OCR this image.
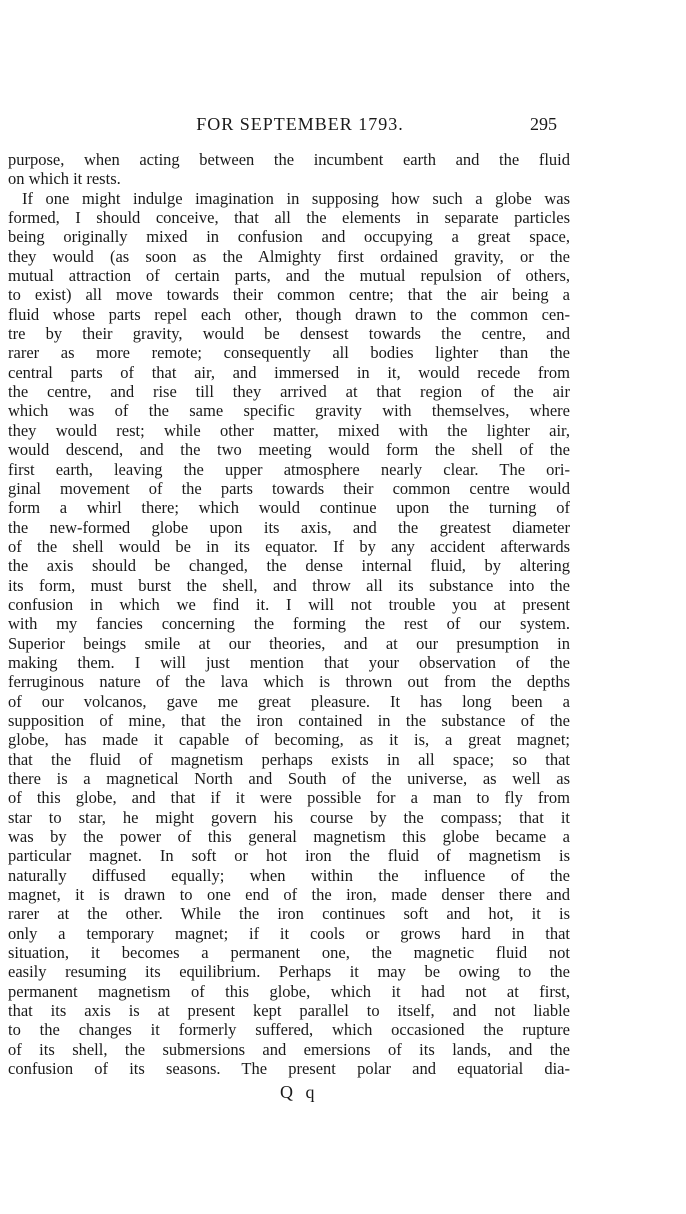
FOR SEPTEMBER 1793.	295
purpose, when acting between the incumbent earth and the fluid
on which it rests.
If one might indulge imagination in supposing how such a globe was
formed, I should conceive, that all the elements in separate particles
being originally mixed in confusion and occupying a great space,
they would (as soon as the Almighty first ordained gravity, or the
mutual attraction of certain parts, and the mutual repulsion of others,
to exist) all move towards their common centre; that the air being a
fluid whose parts repel each other, though drawn to the common cen-
tre by their gravity, would be densest towards the centre, and
rarer as more remote; consequently all bodies lighter than the
central parts of that air, and immersed in it, would recede from
the centre, and rise till they arrived at that region of the air
which was of the same specific gravity with themselves, where
they would rest; while other matter, mixed with the lighter air,
would descend, and the two meeting would form the shell of the
first earth, leaving the upper atmosphere nearly clear. The ori-
ginal movement of the parts towards their common centre would
form a whirl there; which would continue upon the turning of
the new-formed globe upon its axis, and the greatest diameter
of the shell would be in its equator. If by any accident afterwards
the axis should be changed, the dense internal fluid, by altering
its form, must burst the shell, and throw all its substance into the
confusion in which we find it. I will not trouble you at present
with my fancies concerning the forming the rest of our system.
Superior beings smile at our theories, and at our presumption in
making them. I will just mention that your observation of the
ferruginous nature of the lava which is thrown out from the depths
of our volcanos, gave me great pleasure. It has long been a
supposition of mine, that the iron contained in the substance of the
globe, has made it capable of becoming, as it is, a great magnet;
that the fluid of magnetism perhaps exists in all space; so that
there is a magnetical North and South of the universe, as well as
of this globe, and that if it were possible for a man to fly from
star to star, he might govern his course by the compass; that it
was by the power of this general magnetism this globe became a
particular magnet. In soft or hot iron the fluid of magnetism is
naturally diffused equally; when within the influence of the
magnet, it is drawn to one end of the iron, made denser there and
rarer at the other. While the iron continues soft and hot, it is
only a temporary magnet; if it cools or grows hard in that
situation, it becomes a permanent one, the magnetic fluid not
easily resuming its equilibrium. Perhaps it may be owing to the
permanent magnetism of this globe, which it had not at first,
that its axis is at present kept parallel to itself, and not liable
to the changes it formerly suffered, which occasioned the rupture
of its shell, the submersions and emersions of its lands, and the
confusion of its seasons. The present polar and equatorial dia-
Q q
